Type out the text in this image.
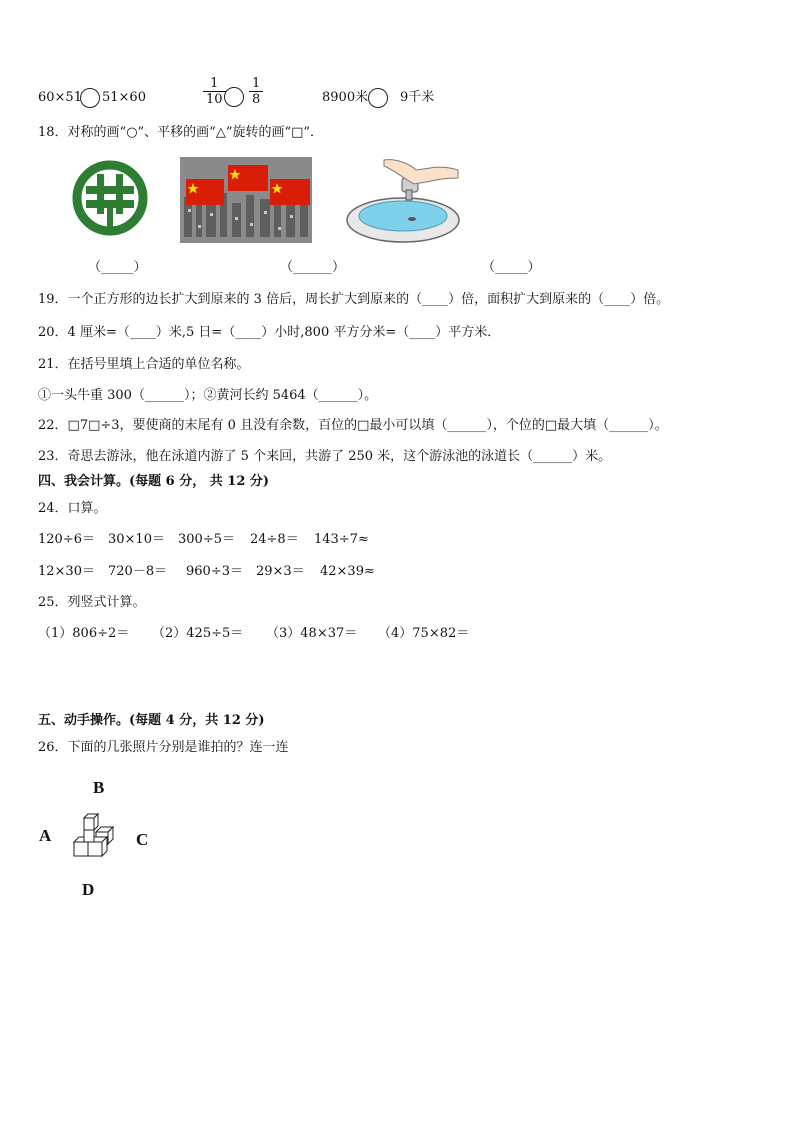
60×51 51×60
1
10
1
8	8900米 9千米
18．对称的画“○”、平移的画“△”旋转的画“□”．
（_____）	（______）	（_____）
19．一个正方形的边长扩大到原来的 3 倍后，周长扩大到原来的（____）倍，面积扩大到原来的（____）倍。
20．4 厘米=（____）米,5 日=（____）小时,800 平方分米=（____）平方米．
21．在括号里填上合适的单位名称。
①一头牛重 300（______）；②黄河长约 5464（______）。
22．□7□÷3，要使商的末尾有 0 且没有余数，百位的□最小可以填（______），个位的□最大填（______）。
23．奇思去游泳，他在泳道内游了 5 个来回，共游了 250 米，这个游泳池的泳道长（______）米。
四、我会计算。(每题 6 分， 共 12 分)
24．口算。
120÷6＝ 30×10＝ 300÷5＝ 24÷8＝ 143÷7≈
12×30＝ 720－8＝ 960÷3＝ 29×3＝ 42×39≈
25．列竖式计算。
（1）806÷2＝ （2）425÷5＝ （3）48×37＝ （4）75×82＝
五、动手操作。(每题 4 分，共 12 分)
26．下面的几张照片分别是谁拍的？连一连
B
A	C
D
